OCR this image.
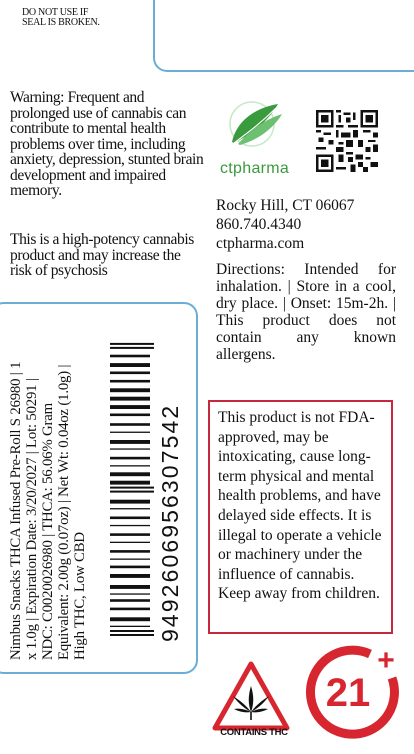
DO NOT USE IF
SEAL IS BROKEN.
Warning: Frequent and prolonged use of cannabis can contribute to mental health problems over time, including anxiety, depression, stunted brain development and impaired memory.
This is a high-potency cannabis product and may increase the risk of psychosis
ctpharma
Rocky Hill, CT 06067
860.740.4340
ctpharma.com
Directions: Intended for inhalation. | Store in a cool, dry place. | Onset: 15m-2h. | This product does not contain any known allergens.
This product is not FDA-approved, may be intoxicating, cause long-term physical and mental health problems, and have delayed side effects. It is illegal to operate a vehicle or machinery under the influence of cannabis. Keep away from children.
Nimbus Snacks THCA Infused Pre-Roll S 26980 | 1 x 1.0g | Expiration Date: 3/20/2027 | Lot: 50291 | NDC: C0020026980 | THCA: 56.06% Gram Equivalent: 2.00g (0.07oz) | Net Wt: 0.04oz (1.0g) | High THC, Low CBD	949260695630754​2
CONTAINS THC
21
+
